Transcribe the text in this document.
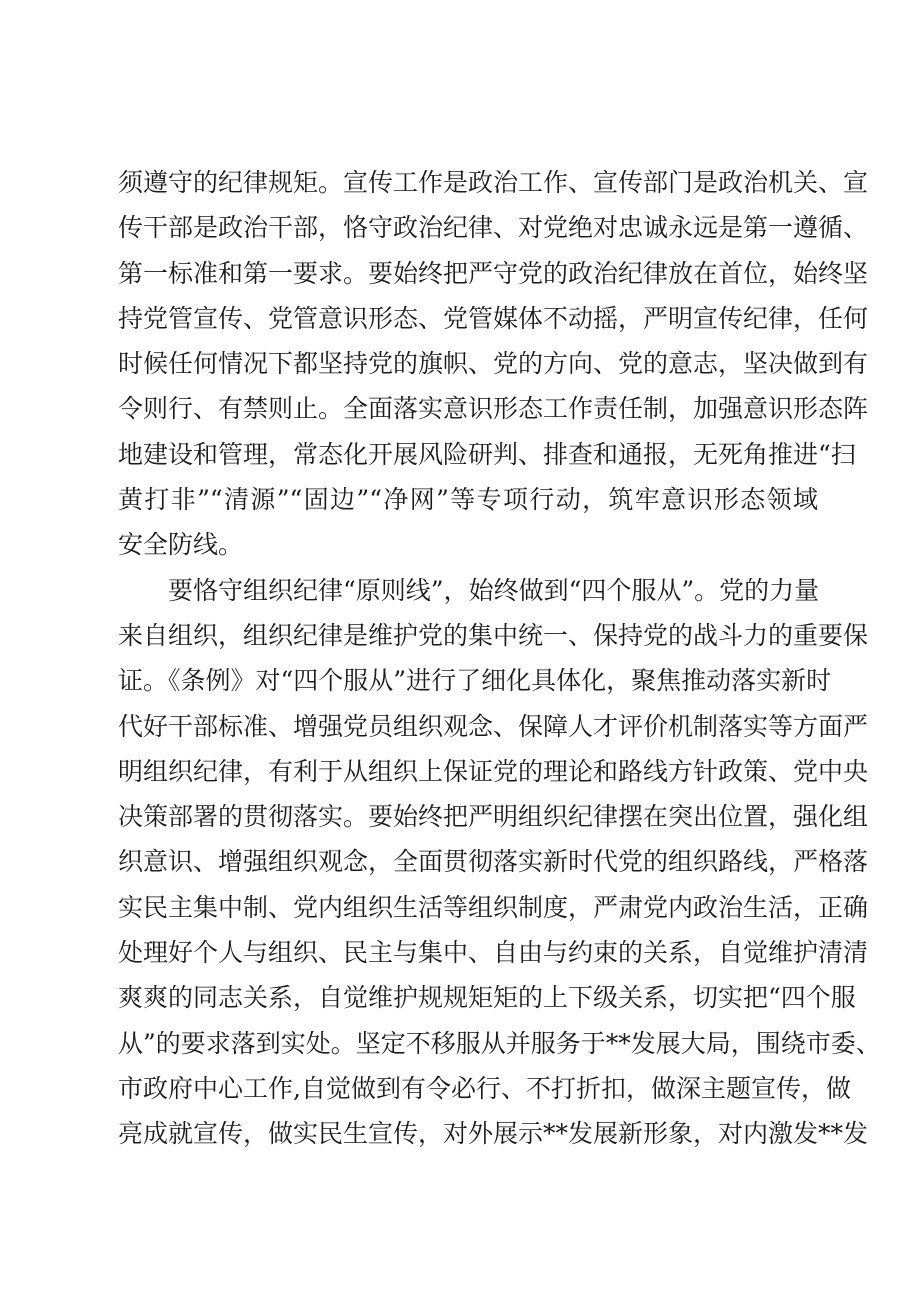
须遵守的纪律规矩。宣传工作是政治工作、宣传部门是政治机关、宣
传干部是政治干部，恪守政治纪律、对党绝对忠诚永远是第一遵循、
第一标准和第一要求。要始终把严守党的政治纪律放在首位，始终坚
持党管宣传、党管意识形态、党管媒体不动摇，严明宣传纪律，任何
时候任何情况下都坚持党的旗帜、党的方向、党的意志，坚决做到有
令则行、有禁则止。全面落实意识形态工作责任制，加强意识形态阵
地建设和管理，常态化开展风险研判、排查和通报，无死角推进“扫
黄打非”“清源”“固边”“净网”等专项行动，筑牢意识形态领域
安全防线。
要恪守组织纪律“原则线”，始终做到“四个服从”。党的力量
来自组织，组织纪律是维护党的集中统一、保持党的战斗力的重要保
证。《条例》对“四个服从”进行了细化具体化，聚焦推动落实新时
代好干部标准、增强党员组织观念、保障人才评价机制落实等方面严
明组织纪律，有利于从组织上保证党的理论和路线方针政策、党中央
决策部署的贯彻落实。要始终把严明组织纪律摆在突出位置，强化组
织意识、增强组织观念，全面贯彻落实新时代党的组织路线，严格落
实民主集中制、党内组织生活等组织制度，严肃党内政治生活，正确
处理好个人与组织、民主与集中、自由与约束的关系，自觉维护清清
爽爽的同志关系，自觉维护规规矩矩的上下级关系，切实把“四个服
从”的要求落到实处。坚定不移服从并服务于**发展大局，围绕市委、
市政府中心工作,自觉做到有令必行、不打折扣，做深主题宣传，做
亮成就宣传，做实民生宣传，对外展示**发展新形象，对内激发**发
